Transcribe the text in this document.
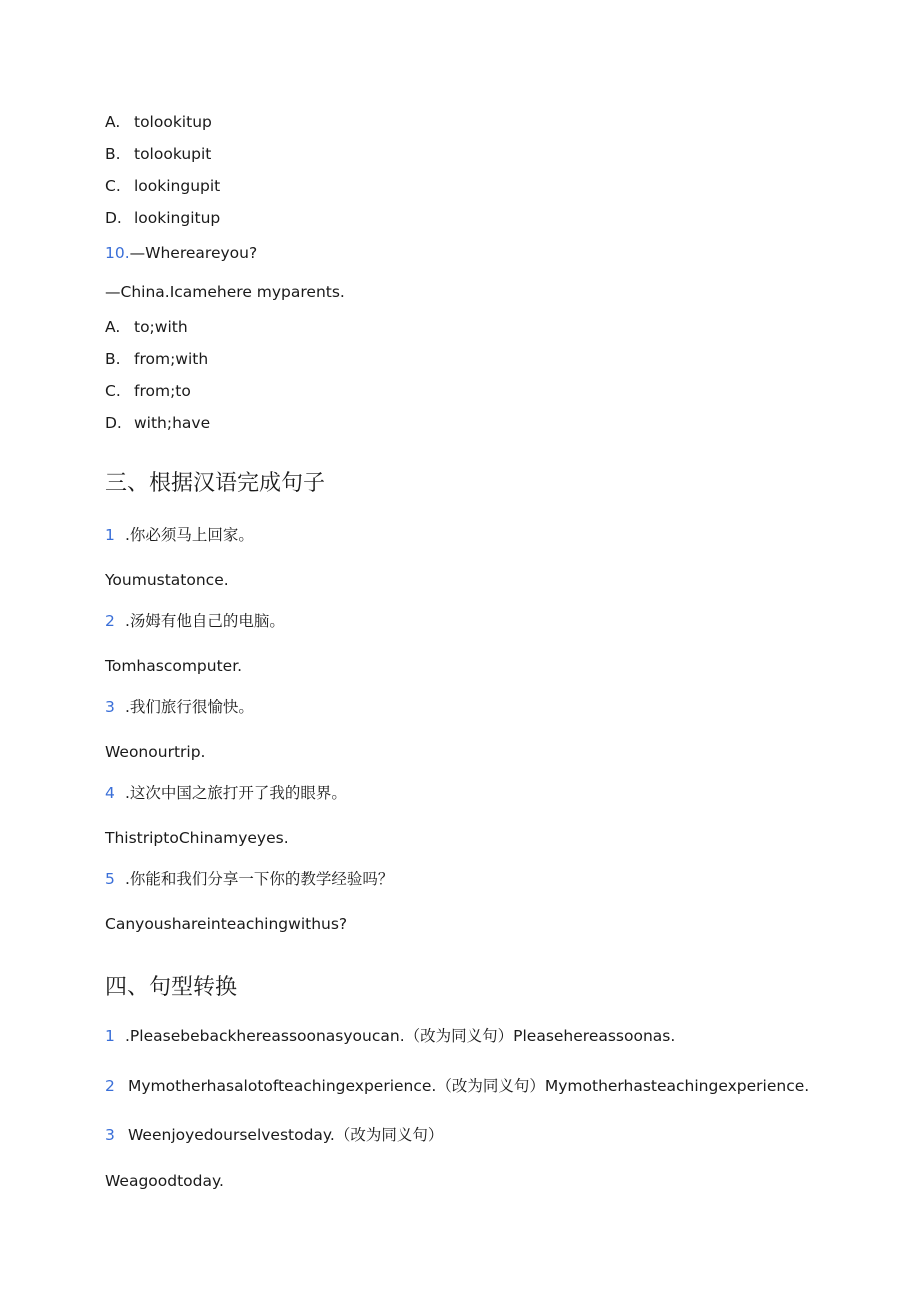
A. tolookitup
B. tolookupit
C. lookingupit
D. lookingitup
10.—Whereareyou?
—China.Icamehere myparents.
A. to;with
B. from;with
C. from;to
D. with;have
三、根据汉语完成句子
1 .你必须马上回家。
Youmustatonce.
2 .汤姆有他自己的电脑。
Tomhascomputer.
3 .我们旅行很愉快。
Weonourtrip.
4 .这次中国之旅打开了我的眼界。
ThistriptoChinamyeyes.
5 .你能和我们分享一下你的教学经验吗？
Canyoushareinteachingwithus?
四、句型转换
1 .Pleasebebackhereassoonasyoucan.（改为同义句）Pleasehereassoonas.
2 Mymotherhasalotofteachingexperience.（改为同义句）Mymotherhasteachingexperience.
3 Weenjoyedourselvestoday.（改为同义句）
Weagoodtoday.
